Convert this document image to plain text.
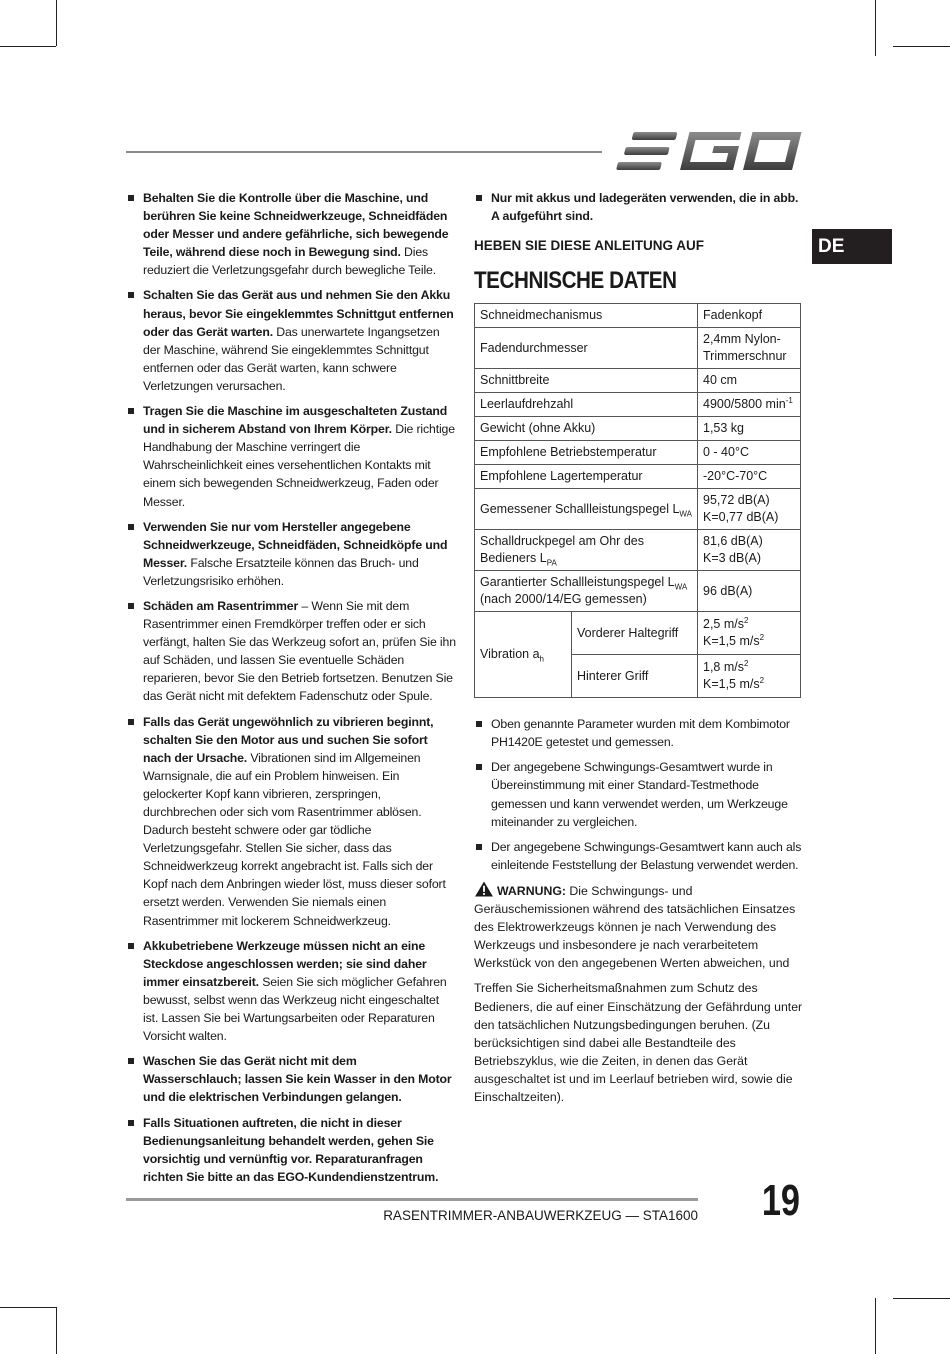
DE
Behalten Sie die Kontrolle über die Maschine, und berühren Sie keine Schneidwerkzeuge, Schneidfäden oder Messer und andere gefährliche, sich bewegende Teile, während diese noch in Bewegung sind. Dies reduziert die Verletzungsgefahr durch bewegliche Teile.
Schalten Sie das Gerät aus und nehmen Sie den Akku heraus, bevor Sie eingeklemmtes Schnittgut entfernen oder das Gerät warten. Das unerwartete Ingangsetzen der Maschine, während Sie eingeklemmtes Schnittgut entfernen oder das Gerät warten, kann schwere Verletzungen verursachen.
Tragen Sie die Maschine im ausgeschalteten Zustand und in sicherem Abstand von Ihrem Körper. Die richtige Handhabung der Maschine verringert die Wahrscheinlichkeit eines versehentlichen Kontakts mit einem sich bewegenden Schneidwerkzeug, Faden oder Messer.
Verwenden Sie nur vom Hersteller angegebene Schneidwerkzeuge, Schneidfäden, Schneidköpfe und Messer. Falsche Ersatzteile können das Bruch- und Verletzungsrisiko erhöhen.
Schäden am Rasentrimmer – Wenn Sie mit dem Rasentrimmer einen Fremdkörper treffen oder er sich verfängt, halten Sie das Werkzeug sofort an, prüfen Sie ihn auf Schäden, und lassen Sie eventuelle Schäden reparieren, bevor Sie den Betrieb fortsetzen. Benutzen Sie das Gerät nicht mit defektem Fadenschutz oder Spule.
Falls das Gerät ungewöhnlich zu vibrieren beginnt, schalten Sie den Motor aus und suchen Sie sofort nach der Ursache. Vibrationen sind im Allgemeinen Warnsignale, die auf ein Problem hinweisen. Ein gelockerter Kopf kann vibrieren, zerspringen, durchbrechen oder sich vom Rasentrimmer ablösen. Dadurch besteht schwere oder gar tödliche Verletzungsgefahr. Stellen Sie sicher, dass das Schneidwerkzeug korrekt angebracht ist. Falls sich der Kopf nach dem Anbringen wieder löst, muss dieser sofort ersetzt werden. Verwenden Sie niemals einen Rasentrimmer mit lockerem Schneidwerkzeug.
Akkubetriebene Werkzeuge müssen nicht an eine Steckdose angeschlossen werden; sie sind daher immer einsatzbereit. Seien Sie sich möglicher Gefahren bewusst, selbst wenn das Werkzeug nicht eingeschaltet ist. Lassen Sie bei Wartungsarbeiten oder Reparaturen Vorsicht walten.
Waschen Sie das Gerät nicht mit dem Wasserschlauch; lassen Sie kein Wasser in den Motor und die elektrischen Verbindungen gelangen.
Falls Situationen auftreten, die nicht in dieser Bedienungsanleitung behandelt werden, gehen Sie vorsichtig und vernünftig vor. Reparaturanfragen richten Sie bitte an das EGO-Kundendienstzentrum.
Nur mit akkus und ladegeräten verwenden, die in abb. A aufgeführt sind.
HEBEN SIE DIESE ANLEITUNG AUF
TECHNISCHE DATEN
Schneidmechanismus		Fadenkopf
Fadendurchmesser		2,4mm Nylon-Trimmerschnur
Schnittbreite		40 cm
Leerlaufdrehzahl		4900/5800 $\min^{-1}$
Gewicht (ohne Akku)		1,53 kg
Empfohlene Betriebstemperatur		0 - 40°C
Empfohlene Lagertemperatur		-20°C-70°C
Gemessener Schallleistungspegel $L_{WA}$		95,72 dB(A)
K=0,77 dB(A)
Schalldruckpegel am Ohr des Bedieners $L_{PA}$		81,6 dB(A)
K=3 dB(A)
Garantierter Schallleistungspegel $L_{WA}$
(nach 2000/14/EG gemessen)		96 dB(A)
Vibration $a_h$	Vorderer Haltegriff	2,5 $m/s^2$
K=1,5 $m/s^2$
	Hinterer Griff	1,8 $m/s^2$
K=1,5 $m/s^2$
Oben genannte Parameter wurden mit dem Kombimotor PH1420E getestet und gemessen.
Der angegebene Schwingungs-Gesamtwert wurde in Übereinstimmung mit einer Standard-Testmethode gemessen und kann verwendet werden, um Werkzeuge miteinander zu vergleichen.
Der angegebene Schwingungs-Gesamtwert kann auch als einleitende Feststellung der Belastung verwendet werden.
WARNUNG: Die Schwingungs- und Geräuschemissionen während des tatsächlichen Einsatzes des Elektrowerkzeugs können je nach Verwendung des Werkzeugs und insbesondere je nach verarbeitetem Werkstück von den angegebenen Werten abweichen, und
Treffen Sie Sicherheitsmaßnahmen zum Schutz des Bedieners, die auf einer Einschätzung der Gefährdung unter den tatsächlichen Nutzungsbedingungen beruhen. (Zu berücksichtigen sind dabei alle Bestandteile des Betriebszyklus, wie die Zeiten, in denen das Gerät ausgeschaltet ist und im Leerlauf betrieben wird, sowie die Einschaltzeiten).
RASENTRIMMER-ANBAUWERKZEUG — STA1600 19
